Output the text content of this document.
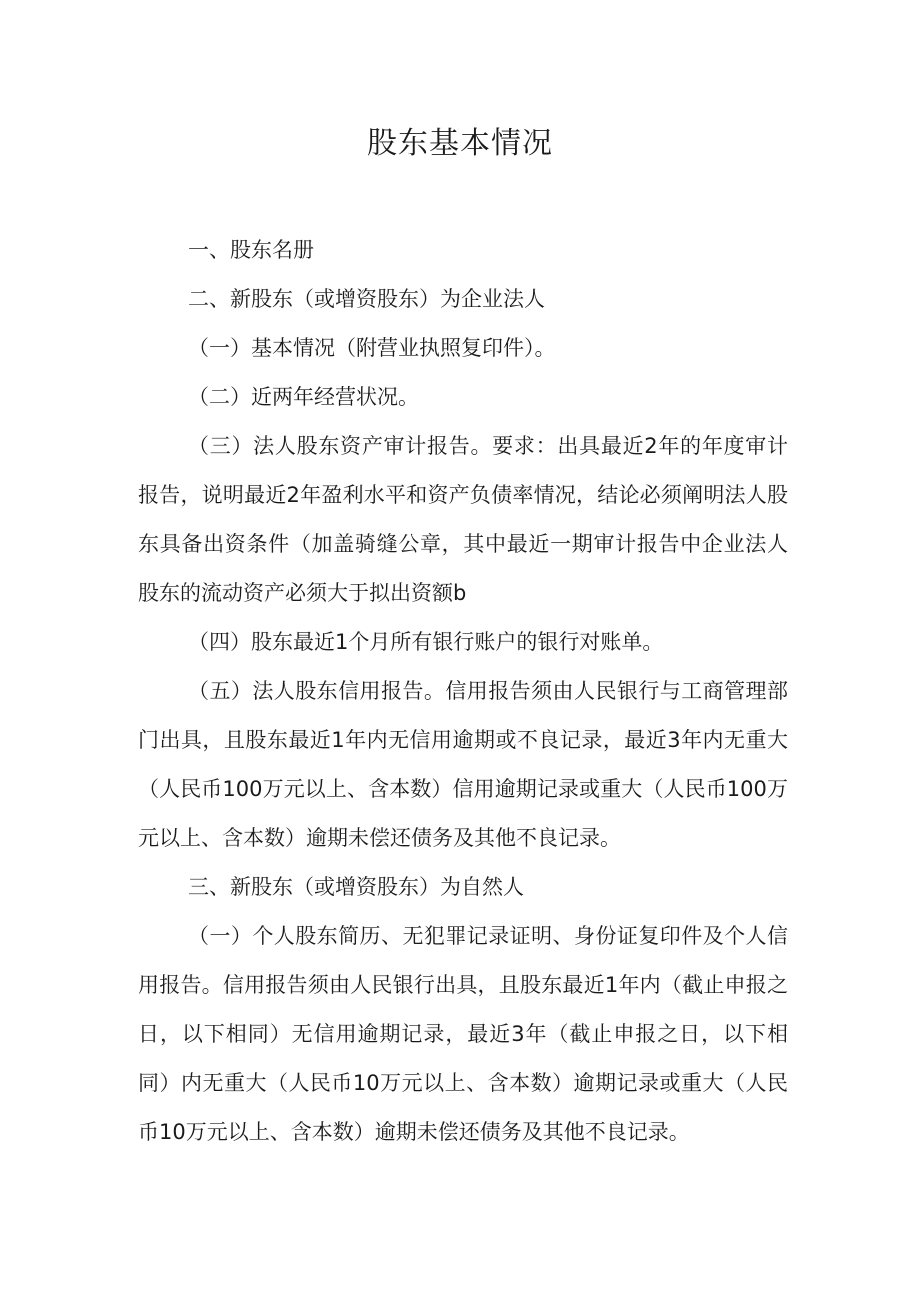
股东基本情况

一、股东名册

二、新股东（或增资股东）为企业法人

（一）基本情况（附营业执照复印件）。

（二）近两年经营状况。

（三）法人股东资产审计报告。要求：出具最近2年的年度审计报告，说明最近2年盈利水平和资产负债率情况，结论必须阐明法人股东具备出资条件（加盖骑缝公章，其中最近一期审计报告中企业法人股东的流动资产必须大于拟出资额b

（四）股东最近1个月所有银行账户的银行对账单。

（五）法人股东信用报告。信用报告须由人民银行与工商管理部门出具，且股东最近1年内无信用逾期或不良记录，最近3年内无重大（人民币100万元以上、含本数）信用逾期记录或重大（人民币100万元以上、含本数）逾期未偿还债务及其他不良记录。

三、新股东（或增资股东）为自然人

（一）个人股东简历、无犯罪记录证明、身份证复印件及个人信用报告。信用报告须由人民银行出具，且股东最近1年内（截止申报之日，以下相同）无信用逾期记录，最近3年（截止申报之日，以下相同）内无重大（人民币10万元以上、含本数）逾期记录或重大（人民币10万元以上、含本数）逾期未偿还债务及其他不良记录。
